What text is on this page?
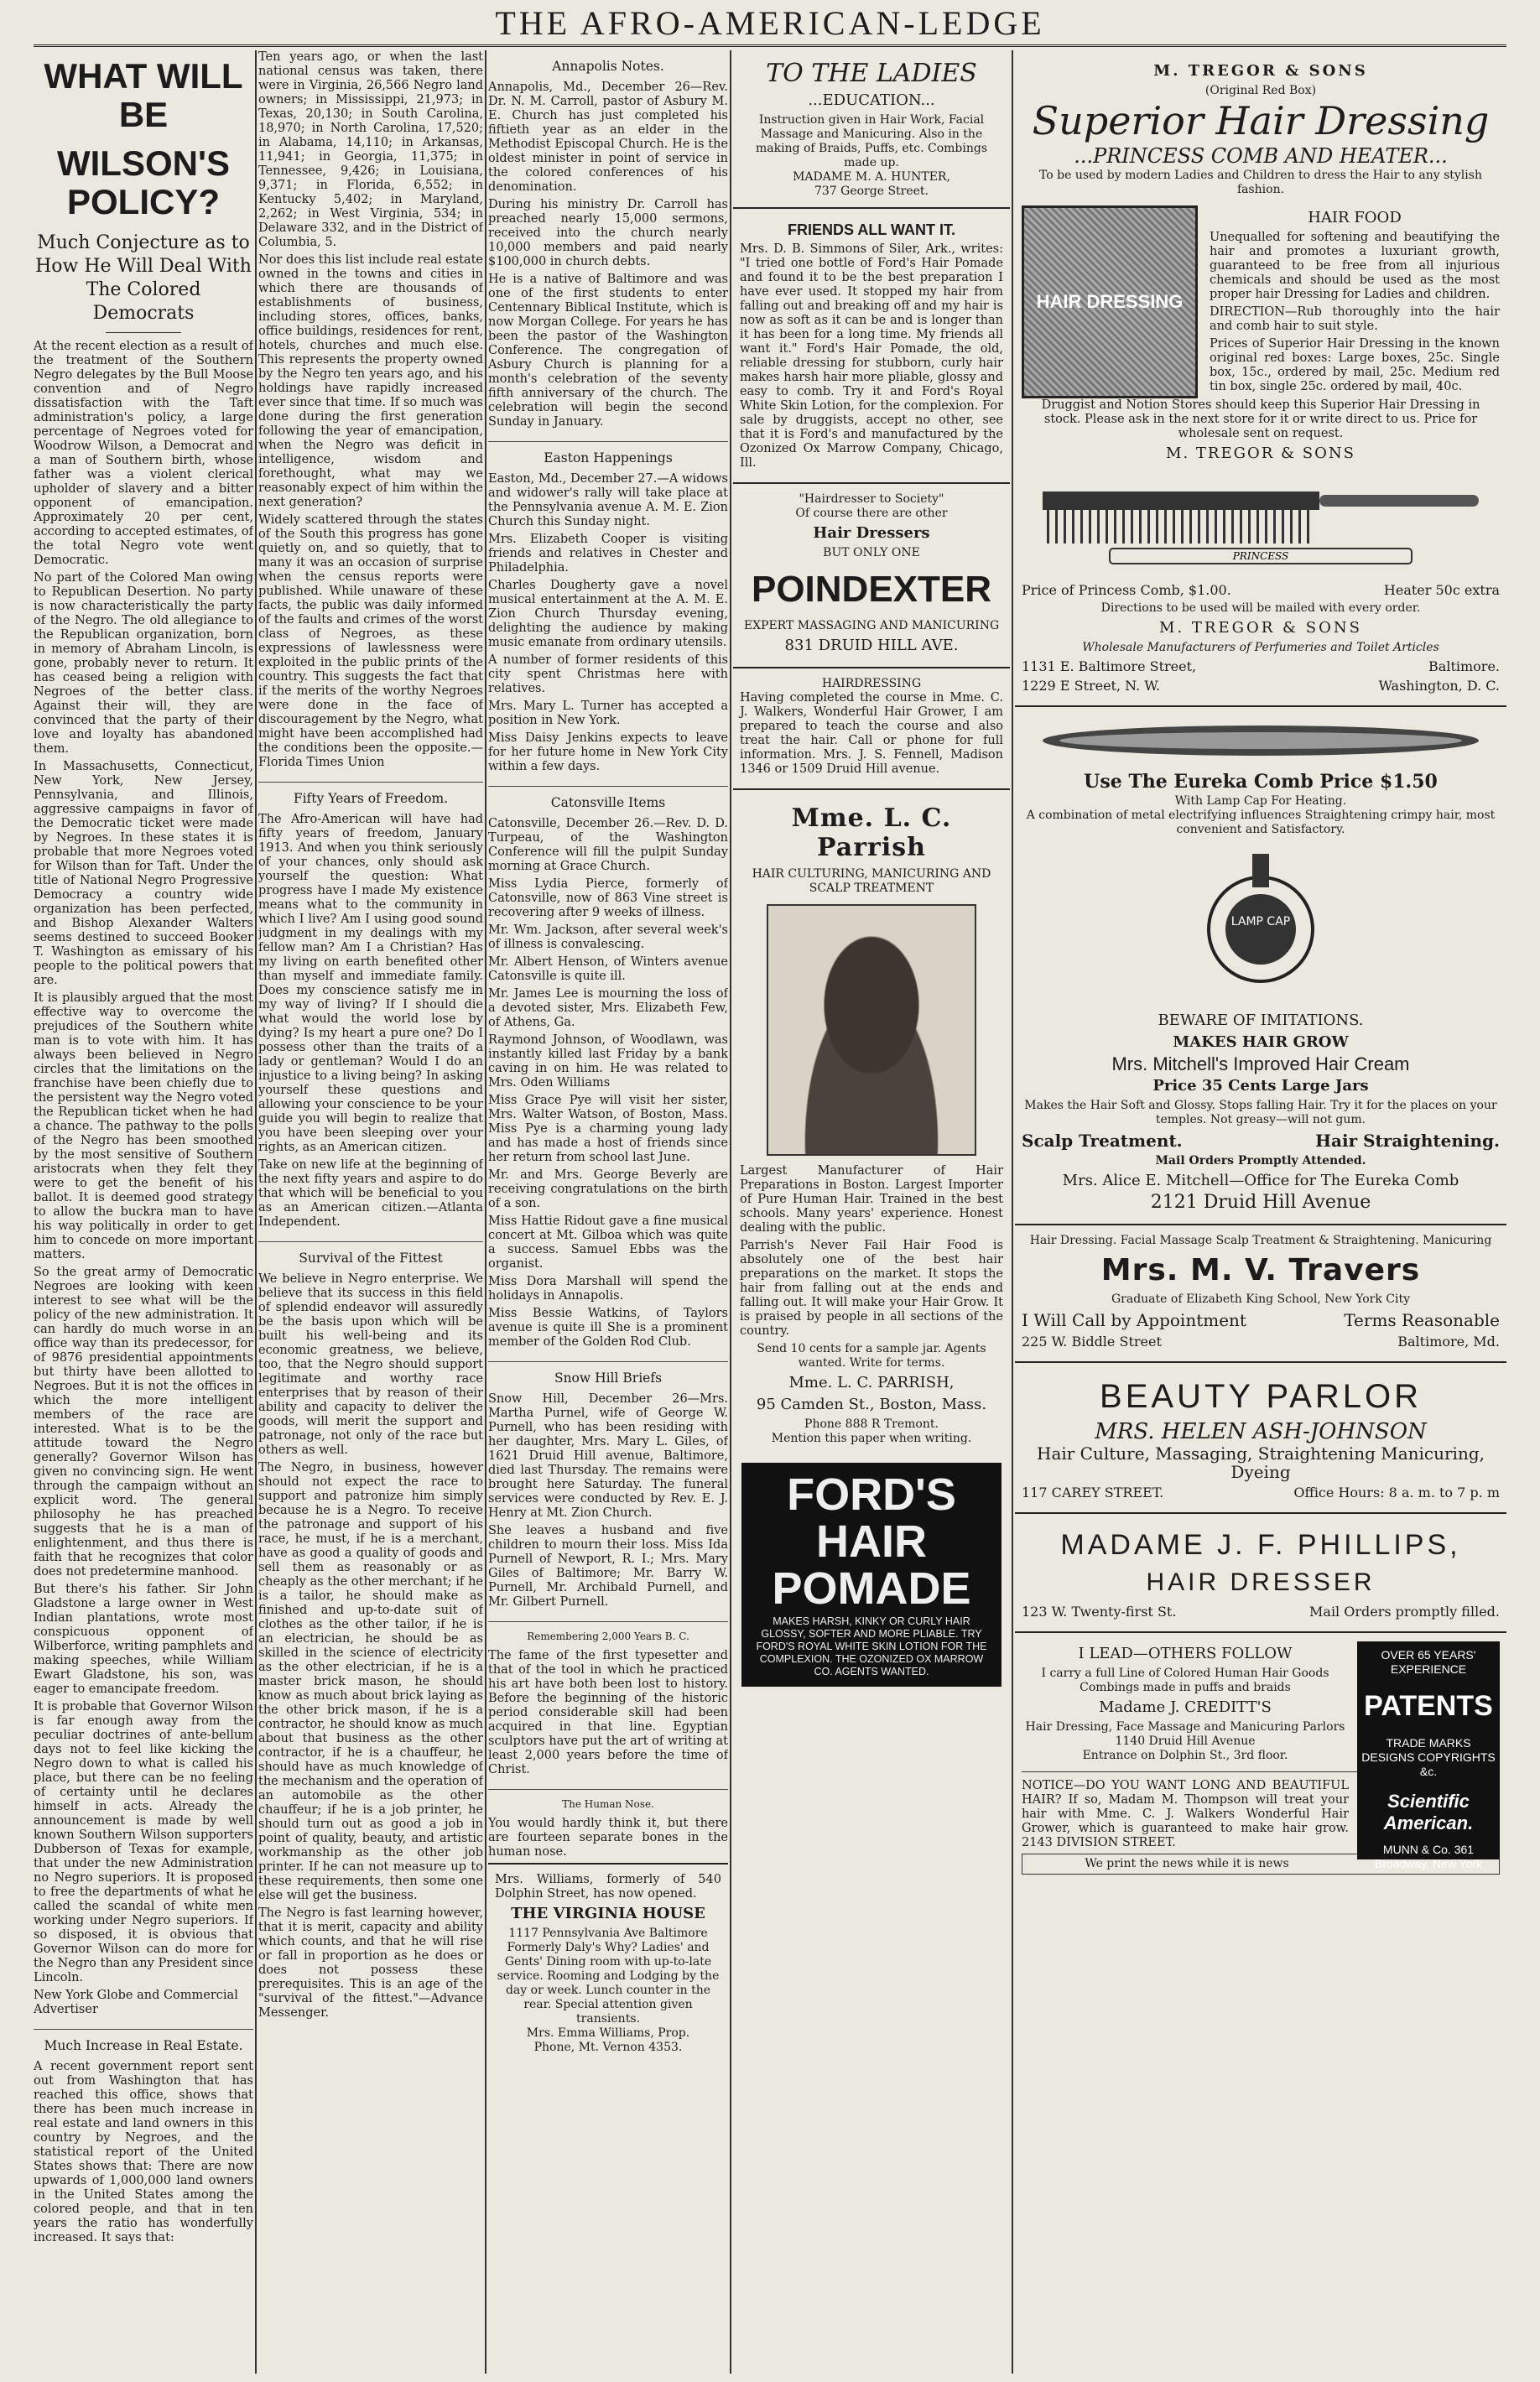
THE AFRO-AMERICAN-LEDGE
WHAT WILL BE
WILSON'S POLICY?
Much Conjecture as to How He Will Deal With The Colored Democrats

At the recent election as a result of the treatment of the Southern Negro delegates by the Bull Moose convention and of Negro dissatisfaction with the Taft administration's policy, a large percentage of Negroes voted for Woodrow Wilson, a Democrat and a man of Southern birth, whose father was a violent clerical upholder of slavery and a bitter opponent of emancipation. Approximately 20 per cent, according to accepted estimates, of the total Negro vote went Democratic.

No part of the Colored Man owing to Republican Desertion. No party is now characteristically the party of the Negro. The old allegiance to the Republican organization, born in memory of Abraham Lincoln, is gone, probably never to return. It has ceased being a religion with Negroes of the better class. Against their will, they are convinced that the party of their love and loyalty has abandoned them.

In Massachusetts, Connecticut, New York, New Jersey, Pennsylvania, and Illinois, aggressive campaigns in favor of the Democratic ticket were made by Negroes. In these states it is probable that more Negroes voted for Wilson than for Taft. Under the title of National Negro Progressive Democracy a country wide organization has been perfected, and Bishop Alexander Walters seems destined to succeed Booker T. Washington as emissary of his people to the political powers that are.

It is plausibly argued that the most effective way to overcome the prejudices of the Southern white man is to vote with him. It has always been believed in Negro circles that the limitations on the franchise have been chiefly due to the persistent way the Negro voted the Republican ticket when he had a chance. The pathway to the polls of the Negro has been smoothed by the most sensitive of Southern aristocrats when they felt they were to get the benefit of his ballot. It is deemed good strategy to allow the buckra man to have his way politically in order to get him to concede on more important matters.

So the great army of Democratic Negroes are looking with keen interest to see what will be the policy of the new administration. It can hardly do much worse in an office way than its predecessor, for of 9876 presidential appointments but thirty have been allotted to Negroes. But it is not the offices in which the more intelligent members of the race are interested. What is to be the attitude toward the Negro generally? Governor Wilson has given no convincing sign. He went through the campaign without an explicit word. The general philosophy he has preached suggests that he is a man of enlightenment, and thus there is faith that he recognizes that color does not predetermine manhood.

But there's his father. Sir John Gladstone a large owner in West Indian plantations, wrote most conspicuous opponent of Wilberforce, writing pamphlets and making speeches, while William Ewart Gladstone, his son, was eager to emancipate freedom.

It is probable that Governor Wilson is far enough away from the peculiar doctrines of ante-bellum days not to feel like kicking the Negro down to what is called his place, but there can be no feeling of certainty until he declares himself in acts. Already the announcement is made by well known Southern Wilson supporters Dubberson of Texas for example, that under the new Administration no Negro superiors. It is proposed to free the departments of what he called the scandal of white men working under Negro superiors. If so disposed, it is obvious that Governor Wilson can do more for the Negro than any President since Lincoln.

New York Globe and Commercial Advertiser

Much Increase in Real Estate.

A recent government report sent out from Washington that has reached this office, shows that there has been much increase in real estate and land owners in this country by Negroes, and the statistical report of the United States shows that: There are now upwards of 1,000,000 land owners in the United States among the colored people, and that in ten years the ratio has wonderfully increased. It says that:

Ten years ago, or when the last national census was taken, there were in Virginia, 26,566 Negro land owners; in Mississippi, 21,973; in Texas, 20,130; in South Carolina, 18,970; in North Carolina, 17,520; in Alabama, 14,110; in Arkansas, 11,941; in Georgia, 11,375; in Tennessee, 9,426; in Louisiana, 9,371; in Florida, 6,552; in Kentucky 5,402; in Maryland, 2,262; in West Virginia, 534; in Delaware 332, and in the District of Columbia, 5.

Nor does this list include real estate owned in the towns and cities in which there are thousands of establishments of business, including stores, offices, banks, office buildings, residences for rent, hotels, churches and much else. This represents the property owned by the Negro ten years ago, and his holdings have rapidly increased ever since that time. If so much was done during the first generation following the year of emancipation, when the Negro was deficit in intelligence, wisdom and forethought, what may we reasonably expect of him within the next generation?

Widely scattered through the states of the South this progress has gone quietly on, and so quietly, that to many it was an occasion of surprise when the census reports were published. While unaware of these facts, the public was daily informed of the faults and crimes of the worst class of Negroes, as these expressions of lawlessness were exploited in the public prints of the country. This suggests the fact that if the merits of the worthy Negroes were done in the face of discouragement by the Negro, what might have been accomplished had the conditions been the opposite.—Florida Times Union

Fifty Years of Freedom.

The Afro-American will have had fifty years of freedom, January 1913. And when you think seriously of your chances, only should ask yourself the question: What progress have I made My existence means what to the community in which I live? Am I using good sound judgment in my dealings with my fellow man? Am I a Christian? Has my living on earth benefited other than myself and immediate family. Does my conscience satisfy me in my way of living? If I should die what would the world lose by dying? Is my heart a pure one? Do I possess other than the traits of a lady or gentleman? Would I do an injustice to a living being? In asking yourself these questions and allowing your conscience to be your guide you will begin to realize that you have been sleeping over your rights, as an American citizen.

Take on new life at the beginning of the next fifty years and aspire to do that which will be beneficial to you as an American citizen.—Atlanta Independent.

Survival of the Fittest

We believe in Negro enterprise. We believe that its success in this field of splendid endeavor will assuredly be the basis upon which will be built his well-being and its economic greatness, we believe, too, that the Negro should support legitimate and worthy race enterprises that by reason of their ability and capacity to deliver the goods, will merit the support and patronage, not only of the race but others as well.

The Negro, in business, however should not expect the race to support and patronize him simply because he is a Negro. To receive the patronage and support of his race, he must, if he is a merchant, have as good a quality of goods and sell them as reasonably or as cheaply as the other merchant; if he is a tailor, he should make as finished and up-to-date suit of clothes as the other tailor, if he is an electrician, he should be as skilled in the science of electricity as the other electrician, if he is a master brick mason, he should know as much about brick laying as the other brick mason, if he is a contractor, he should know as much about that business as the other contractor, if he is a chauffeur, he should have as much knowledge of the mechanism and the operation of an automobile as the other chauffeur; if he is a job printer, he should turn out as good a job in point of quality, beauty, and artistic workmanship as the other job printer. If he can not measure up to these requirements, then some one else will get the business.

The Negro is fast learning however, that it is merit, capacity and ability which counts, and that he will rise or fall in proportion as he does or does not possess these prerequisites. This is an age of the "survival of the fittest."—Advance Messenger.

Annapolis Notes.

Annapolis, Md., December 26—Rev. Dr. N. M. Carroll, pastor of Asbury M. E. Church has just completed his fiftieth year as an elder in the Methodist Episcopal Church. He is the oldest minister in point of service in the colored conferences of his denomination.

During his ministry Dr. Carroll has preached nearly 15,000 sermons, received into the church nearly 10,000 members and paid nearly $100,000 in church debts.

He is a native of Baltimore and was one of the first students to enter Centennary Biblical Institute, which is now Morgan College. For years he has been the pastor of the Washington Conference. The congregation of Asbury Church is planning for a month's celebration of the seventy fifth anniversary of the church. The celebration will begin the second Sunday in January.

Easton Happenings

Easton, Md., December 27.—A widows and widower's rally will take place at the Pennsylvania avenue A. M. E. Zion Church this Sunday night.

Mrs. Elizabeth Cooper is visiting friends and relatives in Chester and Philadelphia.

Charles Dougherty gave a novel musical entertainment at the A. M. E. Zion Church Thursday evening, delighting the audience by making music emanate from ordinary utensils.

A number of former residents of this city spent Christmas here with relatives.

Mrs. Mary L. Turner has accepted a position in New York.

Miss Daisy Jenkins expects to leave for her future home in New York City within a few days.

Catonsville Items

Catonsville, December 26.—Rev. D. D. Turpeau, of the Washington Conference will fill the pulpit Sunday morning at Grace Church.

Miss Lydia Pierce, formerly of Catonsville, now of 863 Vine street is recovering after 9 weeks of illness.

Mr. Wm. Jackson, after several week's of illness is convalescing.

Mr. Albert Henson, of Winters avenue Catonsville is quite ill.

Mr. James Lee is mourning the loss of a devoted sister, Mrs. Elizabeth Few, of Athens, Ga.

Raymond Johnson, of Woodlawn, was instantly killed last Friday by a bank caving in on him. He was related to Mrs. Oden Williams

Miss Grace Pye will visit her sister, Mrs. Walter Watson, of Boston, Mass. Miss Pye is a charming young lady and has made a host of friends since her return from school last June.

Mr. and Mrs. George Beverly are receiving congratulations on the birth of a son.

Miss Hattie Ridout gave a fine musical concert at Mt. Gilboa which was quite a success. Samuel Ebbs was the organist.

Miss Dora Marshall will spend the holidays in Annapolis.

Miss Bessie Watkins, of Taylors avenue is quite ill She is a prominent member of the Golden Rod Club.

Snow Hill Briefs

Snow Hill, December 26—Mrs. Martha Purnel, wife of George W. Purnell, who has been residing with her daughter, Mrs. Mary L. Giles, of 1621 Druid Hill avenue, Baltimore, died last Thursday. The remains were brought here Saturday. The funeral services were conducted by Rev. E. J. Henry at Mt. Zion Church.

She leaves a husband and five children to mourn their loss. Miss Ida Purnell of Newport, R. I.; Mrs. Mary Giles of Baltimore; Mr. Barry W. Purnell, Mr. Archibald Purnell, and Mr. Gilbert Purnell.

Remembering 2,000 Years B. C.

The fame of the first typesetter and that of the tool in which he practiced his art have both been lost to history. Before the beginning of the historic period considerable skill had been acquired in that line. Egyptian sculptors have put the art of writing at least 2,000 years before the time of Christ.

The Human Nose.

You would hardly think it, but there are fourteen separate bones in the human nose.

Mrs. Williams, formerly of 540 Dolphin Street, has now opened.

THE VIRGINIA HOUSE
1117 Pennsylvania Ave Baltimore
Formerly Daly's Why? Ladies' and Gents' Dining room with up-to-late service. Rooming and Lodging by the day or week. Lunch counter in the rear. Special attention given transients.
Mrs. Emma Williams, Prop.
Phone, Mt. Vernon 4353.
TO THE LADIES
...EDUCATION...
Instruction given in Hair Work, Facial Massage and Manicuring. Also in the making of Braids, Puffs, etc. Combings made up.
MADAME M. A. HUNTER,
737 George Street.
FRIENDS ALL WANT IT.

Mrs. D. B. Simmons of Siler, Ark., writes: "I tried one bottle of Ford's Hair Pomade and found it to be the best preparation I have ever used. It stopped my hair from falling out and breaking off and my hair is now as soft as it can be and is longer than it has been for a long time. My friends all want it." Ford's Hair Pomade, the old, reliable dressing for stubborn, curly hair makes harsh hair more pliable, glossy and easy to comb. Try it and Ford's Royal White Skin Lotion, for the complexion. For sale by druggists, accept no other, see that it is Ford's and manufactured by the Ozonized Ox Marrow Company, Chicago, Ill.

"Hairdresser to Society"
Of course there are other
Hair Dressers
BUT ONLY ONE
POINDEXTER
EXPERT MASSAGING AND MANICURING
831 DRUID HILL AVE.
HAIRDRESSING

Having completed the course in Mme. C. J. Walkers, Wonderful Hair Grower, I am prepared to teach the course and also treat the hair. Call or phone for full information. Mrs. J. S. Fennell, Madison 1346 or 1509 Druid Hill avenue.

Mme. L. C. Parrish
HAIR CULTURING, MANICURING AND SCALP TREATMENT

Largest Manufacturer of Hair Preparations in Boston. Largest Importer of Pure Human Hair. Trained in the best schools. Many years' experience. Honest dealing with the public.

Parrish's Never Fail Hair Food is absolutely one of the best hair preparations on the market. It stops the hair from falling out at the ends and falling out. It will make your Hair Grow. It is praised by people in all sections of the country.

Send 10 cents for a sample jar. Agents wanted. Write for terms.
Mme. L. C. PARRISH,
95 Camden St., Boston, Mass.
Phone 888 R Tremont.
Mention this paper when writing.
FORD'S HAIR POMADE
MAKES HARSH, KINKY OR CURLY HAIR GLOSSY, SOFTER AND MORE PLIABLE. TRY FORD'S ROYAL WHITE SKIN LOTION FOR THE COMPLEXION. THE OZONIZED OX MARROW CO. AGENTS WANTED.
M. TREGOR & SONS
(Original Red Box)
Superior Hair Dressing
...PRINCESS COMB AND HEATER...
To be used by modern Ladies and Children to dress the Hair to any stylish fashion.
HAIR DRESSING
HAIR FOOD

Unequalled for softening and beautifying the hair and promotes a luxuriant growth, guaranteed to be free from all injurious chemicals and should be used as the most proper hair Dressing for Ladies and children.

DIRECTION—Rub thoroughly into the hair and comb hair to suit style.

Prices of Superior Hair Dressing in the known original red boxes: Large boxes, 25c. Single box, 15c., ordered by mail, 25c. Medium red tin box, single 25c. ordered by mail, 40c.

Druggist and Notion Stores should keep this Superior Hair Dressing in stock. Please ask in the next store for it or write direct to us. Price for wholesale sent on request.

M. TREGOR & SONS
PRINCESS
Price of Princess Comb, $1.00.	Heater 50c extra
Directions to be used will be mailed with every order.
M. TREGOR & SONS
Wholesale Manufacturers of Perfumeries and Toilet Articles
1131 E. Baltimore Street,	Baltimore.
1229 E Street, N. W.	Washington, D. C.
Use The Eureka Comb Price $1.50
With Lamp Cap For Heating.
A combination of metal electrifying influences Straightening crimpy hair, most convenient and Satisfactory.
LAMP CAP
BEWARE OF IMITATIONS.
MAKES HAIR GROW
Mrs. Mitchell's Improved Hair Cream
Price 35 Cents Large Jars
Makes the Hair Soft and Glossy. Stops falling Hair. Try it for the places on your temples. Not greasy—will not gum.
Scalp Treatment.	Hair Straightening.
Mail Orders Promptly Attended.
Mrs. Alice E. Mitchell—Office for The Eureka Comb
2121 Druid Hill Avenue
Hair Dressing. Facial Massage Scalp Treatment & Straightening. Manicuring
Mrs. M. V. Travers
Graduate of Elizabeth King School, New York City
I Will Call by Appointment	Terms Reasonable
225 W. Biddle Street	Baltimore, Md.
BEAUTY PARLOR
MRS. HELEN ASH-JOHNSON
Hair Culture, Massaging, Straightening Manicuring, Dyeing
117 CAREY STREET.	Office Hours: 8 a. m. to 7 p. m
MADAME J. F. PHILLIPS,
HAIR DRESSER
123 W. Twenty-first St.	Mail Orders promptly filled.
OVER 65 YEARS' EXPERIENCE
PATENTS
TRADE MARKS DESIGNS COPYRIGHTS &c.
Scientific American.
MUNN & Co. 361 Broadway, New York
I LEAD—OTHERS FOLLOW
I carry a full Line of Colored Human Hair Goods Combings made in puffs and braids
Madame J. CREDITT'S
Hair Dressing, Face Massage and Manicuring Parlors
1140 Druid Hill Avenue
Entrance on Dolphin St., 3rd floor.

NOTICE—DO YOU WANT LONG AND BEAUTIFUL HAIR? If so, Madam M. Thompson will treat your hair with Mme. C. J. Walkers Wonderful Hair Grower, which is guaranteed to make hair grow. 2143 DIVISION STREET.

We print the news while it is news
